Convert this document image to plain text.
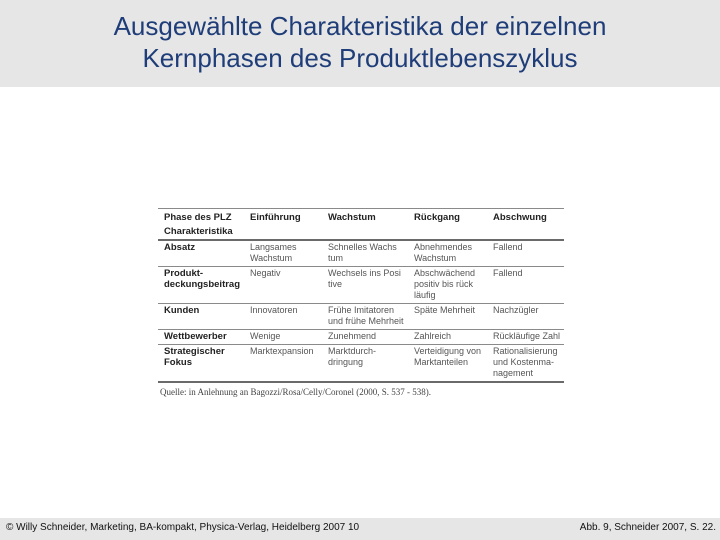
Ausgewählte Charakteristika der einzelnen
Kernphasen des Produktlebenszyklus
Phase des PLZ	Einführung	Wachstum	Rückgang	Abschwung
Charakteristika				
Absatz	Langsames Wachstum	Schnelles Wachs tum	Abnehmendes Wachstum	Fallend
Produkt- deckungsbeitrag	Negativ	Wechsels ins Posi tive	Abschwächend positiv bis rück läufig	Fallend
Kunden	Innovatoren	Frühe Imitatoren und frühe Mehrheit	Späte Mehrheit	Nachzügler
Wettbewerber	Wenige	Zunehmend	Zahlreich	Rückläufige Zahl
Strategischer Fokus	Marktexpansion	Marktdurch- dringung	Verteidigung von Marktanteilen	Rationalisierung und Kostenma- nagement
Quelle: in Anlehnung an Bagozzi/Rosa/Celly/Coronel (2000, S. 537 - 538).
© Willy Schneider, Marketing, BA-kompakt, Physica-Verlag, Heidelberg 2007 10	Abb. 9, Schneider 2007, S. 22.
